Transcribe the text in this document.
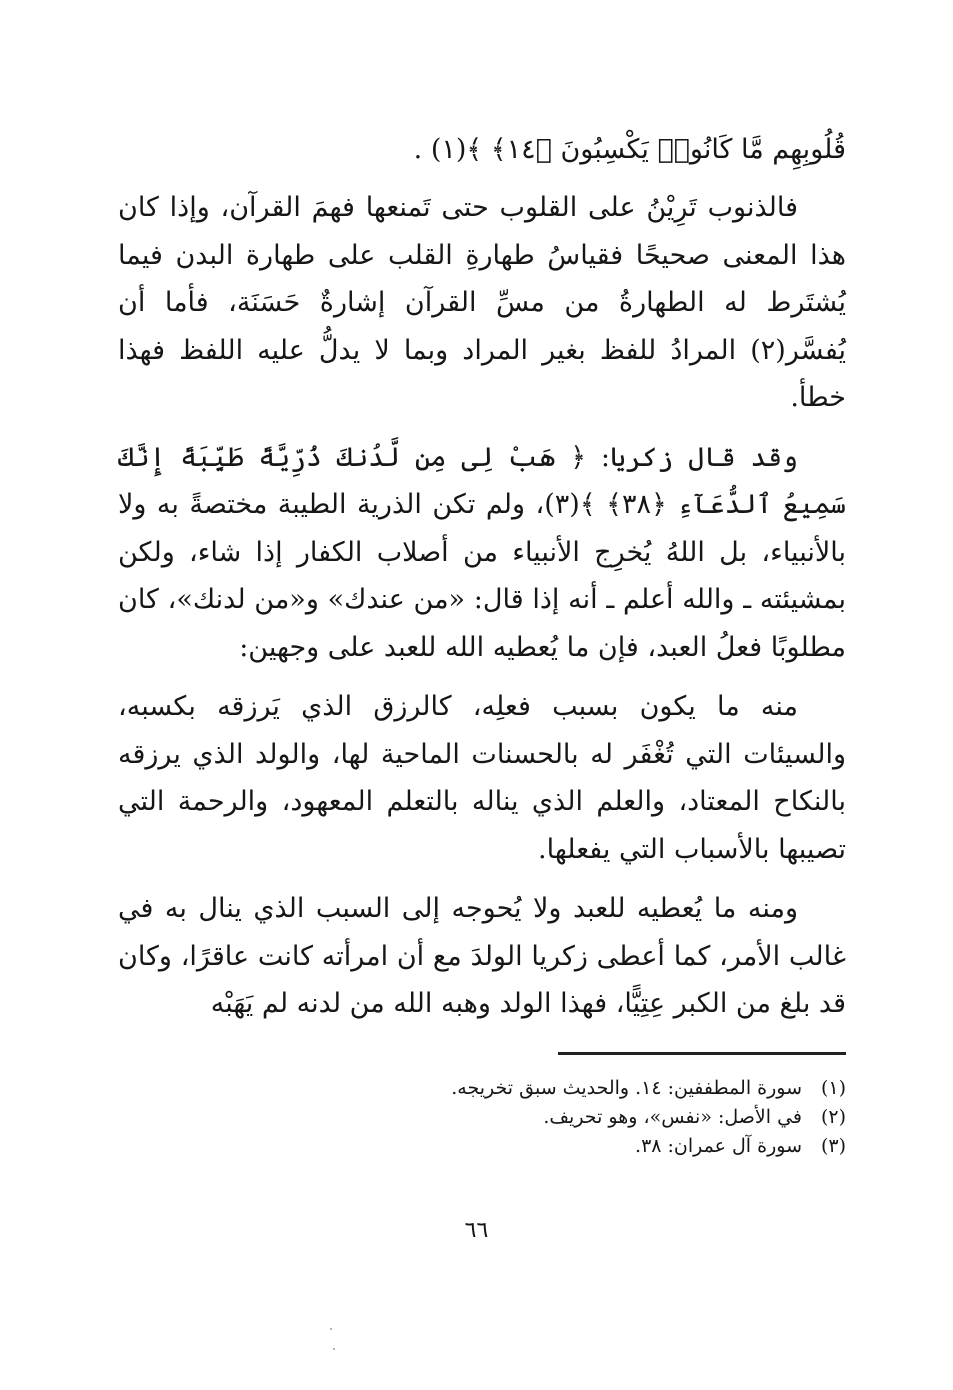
قُلُوبِهِم مَّا كَانُوا۟ يَكْسِبُونَ ﴿١٤﴾ ﴾(١) .

فالذنوب تَرِيْنُ على القلوب حتى تَمنعها فهمَ القرآن، وإذا كان هذا المعنى صحيحًا فقياسُ طهارةِ القلب على طهارة البدن فيما يُشتَرط له الطهارةُ من مسِّ القرآن إشارةٌ حَسَنَة، فأما أن يُفسَّر(٢) المرادُ للفظ بغير المراد وبما لا يدلُّ عليه اللفظ فهذا خطأ.

وقد قال زكريا: ﴿ هَبْ لِى مِن لَّدُنكَ ذُرِّيَّةً طَيِّبَةً إِنَّكَ سَمِيعُ ٱلدُّعَآءِ ﴿٣٨﴾ ﴾(٣)، ولم تكن الذرية الطيبة مختصةً به ولا بالأنبياء، بل اللهُ يُخرِج الأنبياء من أصلاب الكفار إذا شاء، ولكن بمشيئته ـ والله أعلم ـ أنه إذا قال: «من عندك» و«من لدنك»، كان مطلوبًا فعلُ العبد، فإن ما يُعطيه الله للعبد على وجهين:

منه ما يكون بسبب فعلِه، كالرزق الذي يَرزقه بكسبه، والسيئات التي تُغْفَر له بالحسنات الماحية لها، والولد الذي يرزقه بالنكاح المعتاد، والعلم الذي يناله بالتعلم المعهود، والرحمة التي تصيبها بالأسباب التي يفعلها.

ومنه ما يُعطيه للعبد ولا يُحوجه إلى السبب الذي ينال به في غالب الأمر، كما أعطى زكريا الولدَ مع أن امرأته كانت عاقرًا، وكان قد بلغ من الكبر عِتِيًّا، فهذا الولد وهبه الله من لدنه لم يَهَبْه

(١)
سورة المطففين: ١٤. والحديث سبق تخريجه.
(٢)
في الأصل: «نفس»، وهو تحريف.
(٣)
سورة آل عمران: ٣٨.
٦٦
